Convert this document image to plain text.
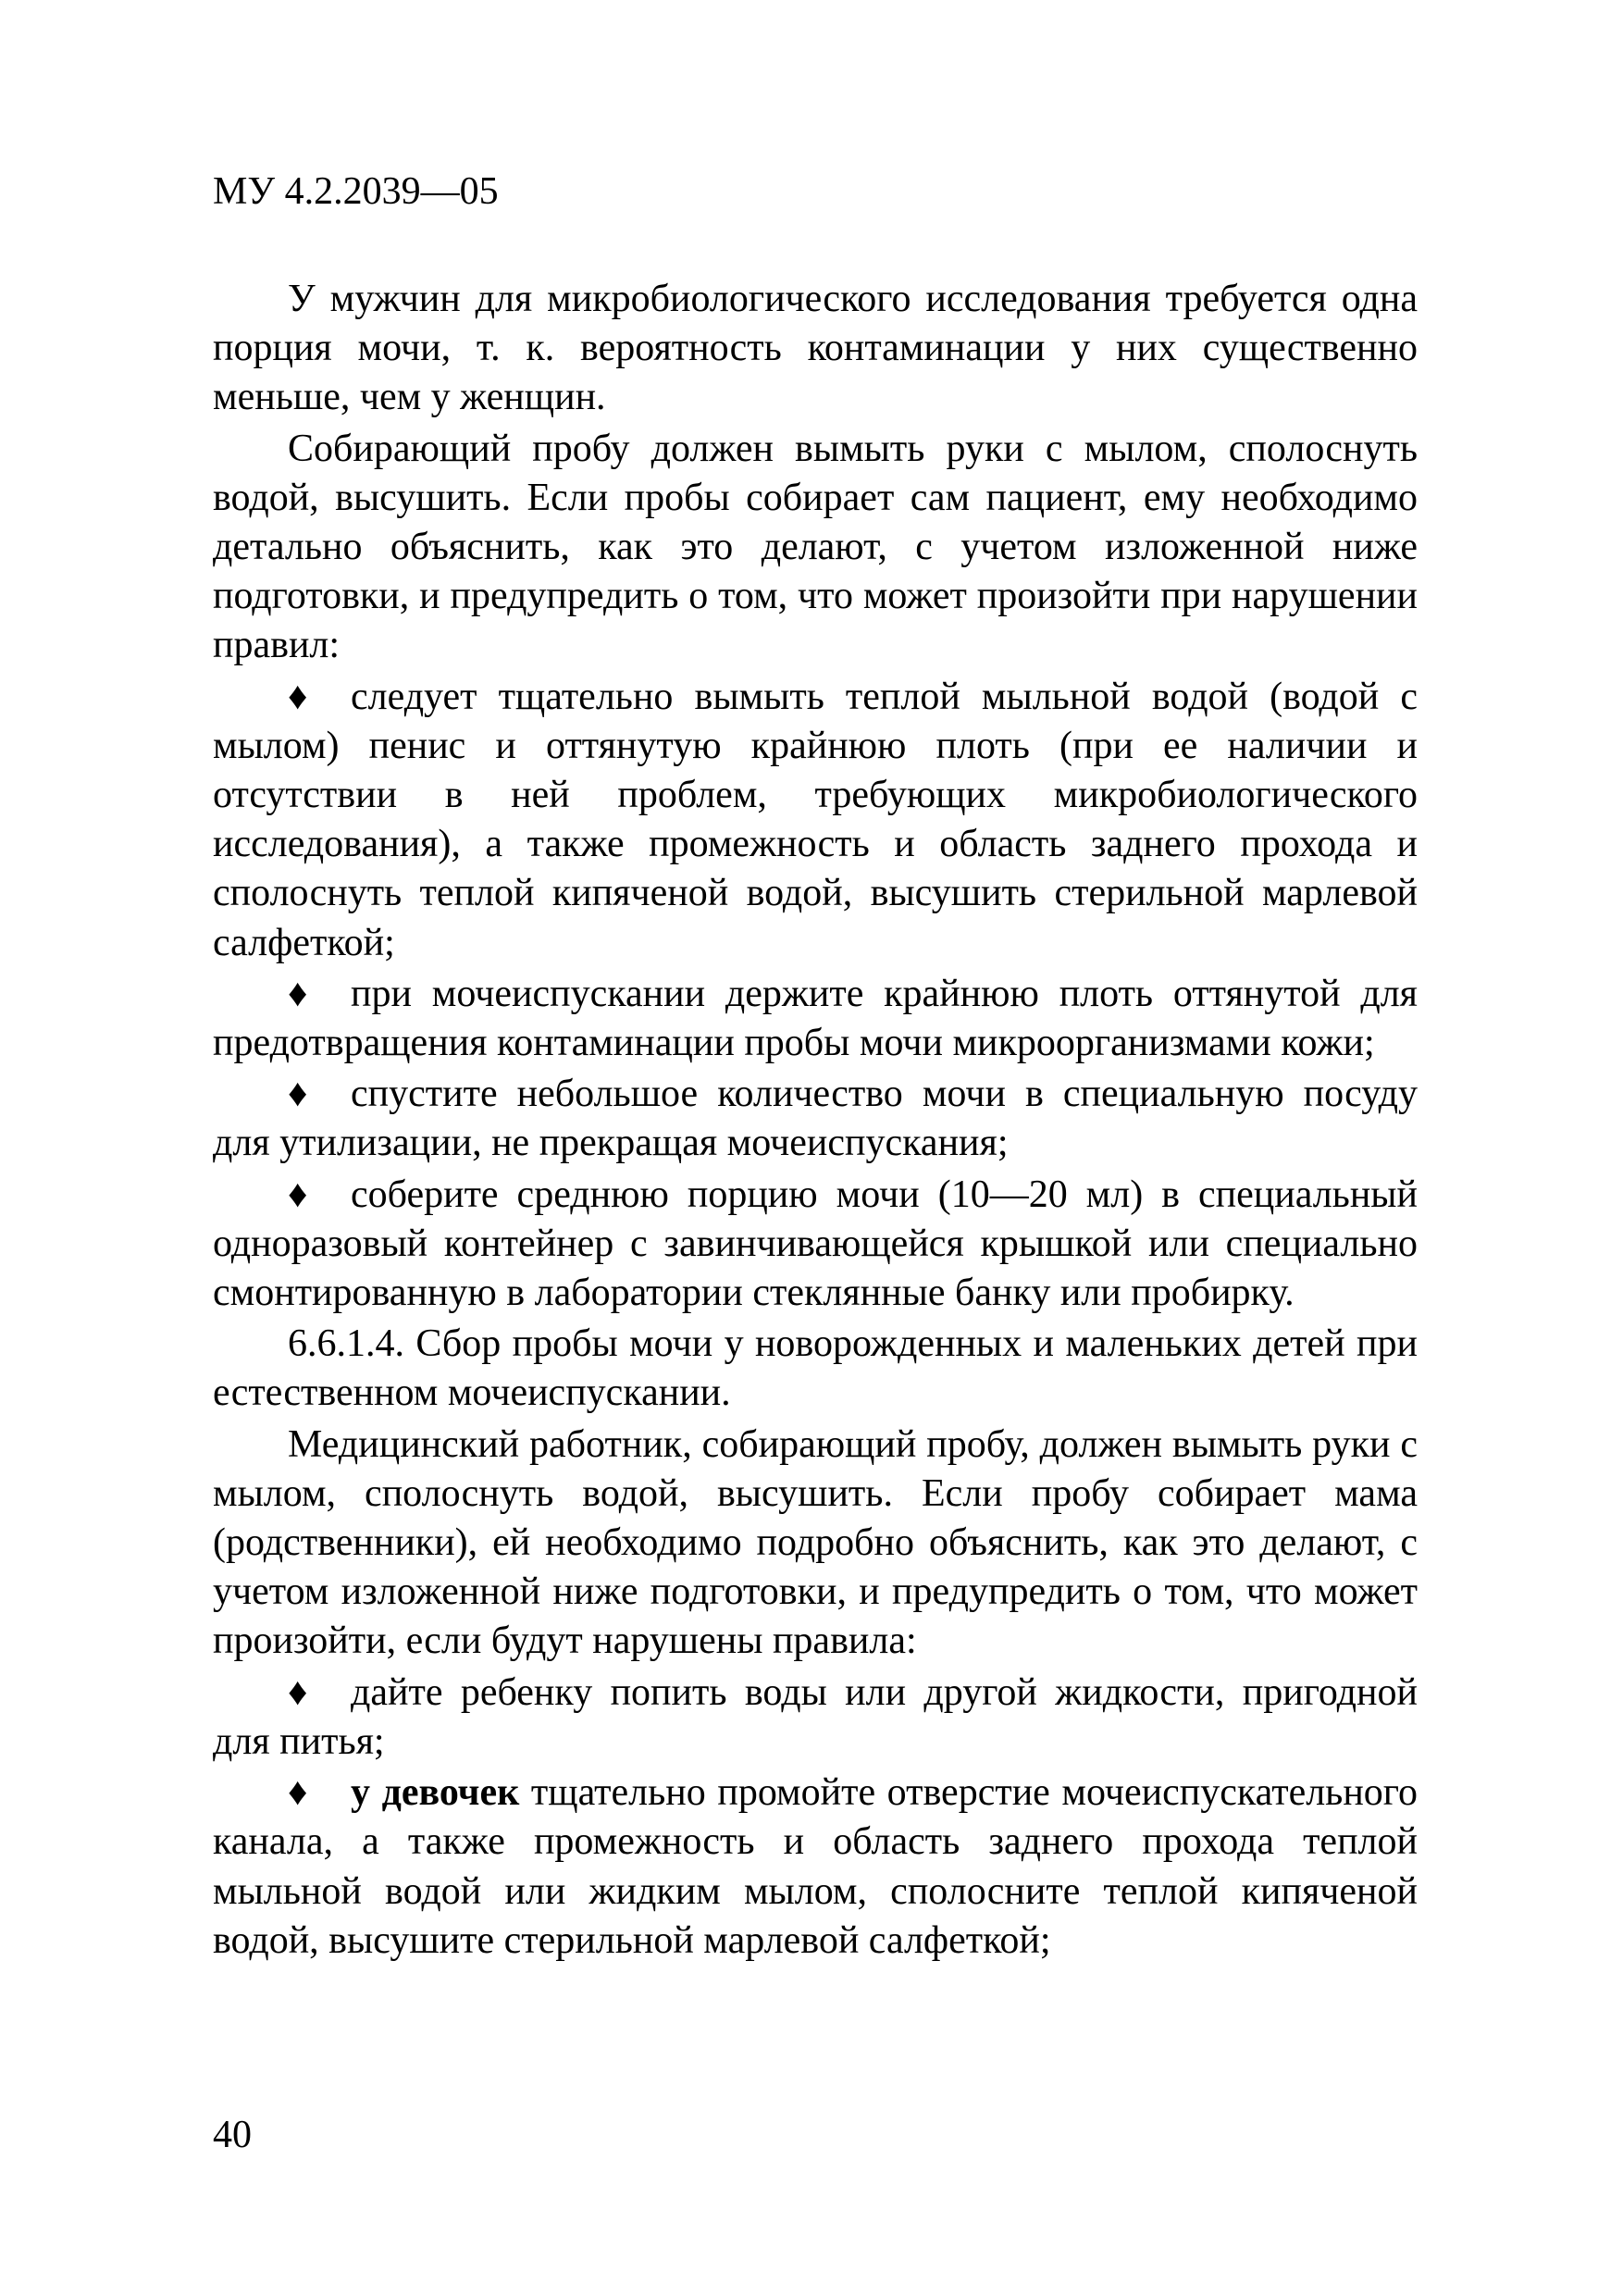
МУ 4.2.2039—05

У мужчин для микробиологического исследования требуется одна порция мочи, т. к. вероятность контаминации у них существенно меньше, чем у женщин.

Собирающий пробу должен вымыть руки с мылом, сполоснуть водой, высушить. Если пробы собирает сам пациент, ему необходимо детально объяснить, как это делают, с учетом изложенной ниже подготовки, и предупредить о том, что может произойти при нарушении правил:

♦ следует тщательно вымыть теплой мыльной водой (водой с мылом) пенис и оттянутую крайнюю плоть (при ее наличии и отсутствии в ней проблем, требующих микробиологического исследования), а также промежность и область заднего прохода и сполоснуть теплой кипяченой водой, высушить стерильной марлевой салфеткой;

♦ при мочеиспускании держите крайнюю плоть оттянутой для предотвращения контаминации пробы мочи микроорганизмами кожи;

♦ спустите небольшое количество мочи в специальную посуду для утилизации, не прекращая мочеиспускания;

♦ соберите среднюю порцию мочи (10—20 мл) в специальный одноразовый контейнер с завинчивающейся крышкой или специально смонтированную в лаборатории стеклянные банку или пробирку.

6.6.1.4. Сбор пробы мочи у новорожденных и маленьких детей при естественном мочеиспускании.

Медицинский работник, собирающий пробу, должен вымыть руки с мылом, сполоснуть водой, высушить. Если пробу собирает мама (родственники), ей необходимо подробно объяснить, как это делают, с учетом изложенной ниже подготовки, и предупредить о том, что может произойти, если будут нарушены правила:

♦ дайте ребенку попить воды или другой жидкости, пригодной для питья;

♦ у девочек тщательно промойте отверстие мочеиспускательного канала, а также промежность и область заднего прохода теплой мыльной водой или жидким мылом, сполосните теплой кипяченой водой, высушите стерильной марлевой салфеткой;

40
